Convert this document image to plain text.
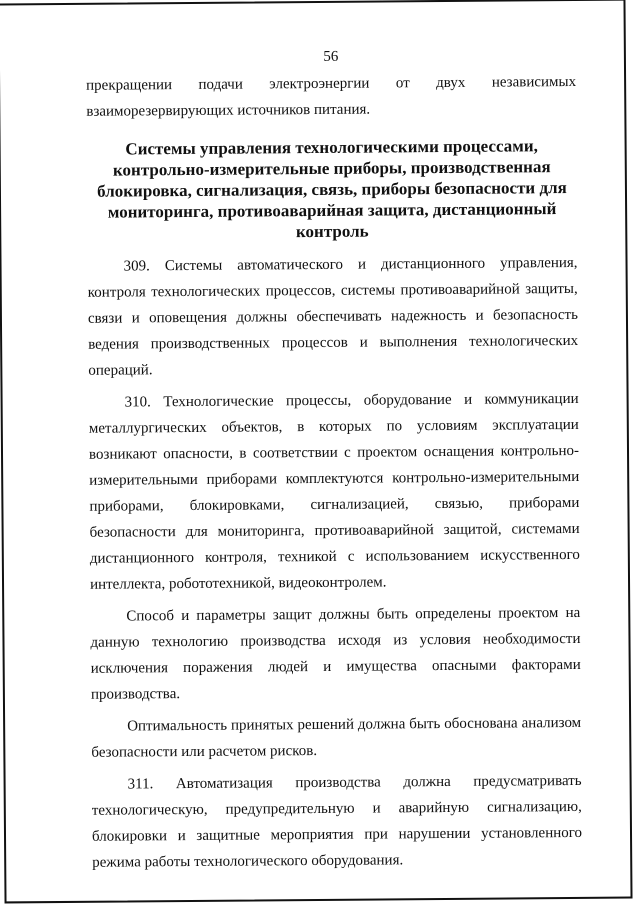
56

прекращении подачи электроэнергии от двух независимых взаиморезервирующих источников питания.

Системы управления технологическими процессами, контрольно-измерительные приборы, производственная блокировка, сигнализация, связь, приборы безопасности для мониторинга, противоаварийная защита, дистанционный контроль

309. Системы автоматического и дистанционного управления, контроля технологических процессов, системы противоаварийной защиты, связи и оповещения должны обеспечивать надежность и безопасность ведения производственных процессов и выполнения технологических операций.

310. Технологические процессы, оборудование и коммуникации металлургических объектов, в которых по условиям эксплуатации возникают опасности, в соответствии с проектом оснащения контрольно-измерительными приборами комплектуются контрольно-измерительными приборами, блокировками, сигнализацией, связью, приборами безопасности для мониторинга, противоаварийной защитой, системами дистанционного контроля, техникой с использованием искусственного интеллекта, робототехникой, видеоконтролем.

Способ и параметры защит должны быть определены проектом на данную технологию производства исходя из условия необходимости исключения поражения людей и имущества опасными факторами производства.

Оптимальность принятых решений должна быть обоснована анализом безопасности или расчетом рисков.

311. Автоматизация производства должна предусматривать технологическую, предупредительную и аварийную сигнализацию, блокировки и защитные мероприятия при нарушении установленного режима работы технологического оборудования.
